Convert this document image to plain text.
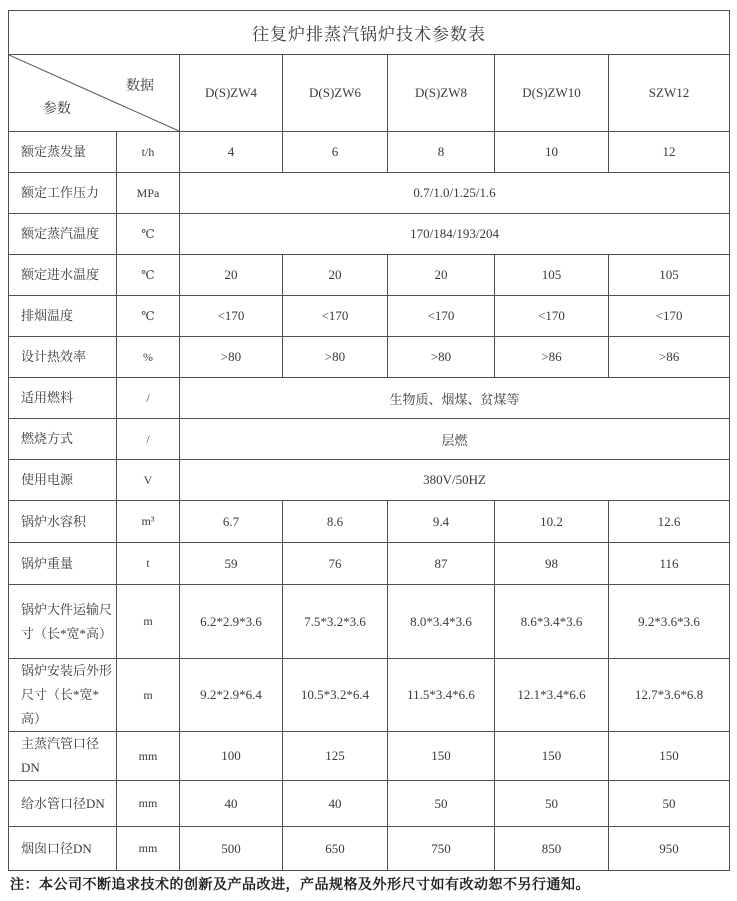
往复炉排蒸汽锅炉技术参数表						

数据
参数		D(S)ZW4	D(S)ZW6	D(S)ZW8	D(S)ZW10	SZW12
额定蒸发量	t/h	4	6	8	10	12
额定工作压力	MPa	0.7/1.0/1.25/1.6				
额定蒸汽温度	℃	170/184/193/204				
额定进水温度	℃	20	20	20	105	105
排烟温度	℃	<170	<170	<170	<170	<170
设计热效率	%	>80	>80	>80	>86	>86
适用燃料	/	生物质、烟煤、贫煤等				
燃烧方式	/	层燃				
使用电源	V	380V/50HZ				
锅炉水容积	m³	6.7	8.6	9.4	10.2	12.6
锅炉重量	t	59	76	87	98	116
锅炉大件运输尺寸（长*宽*高）	m	6.2*2.9*3.6	7.5*3.2*3.6	8.0*3.4*3.6	8.6*3.4*3.6	9.2*3.6*3.6
锅炉安装后外形尺寸（长*宽*高）	m	9.2*2.9*6.4	10.5*3.2*6.4	11.5*3.4*6.6	12.1*3.4*6.6	12.7*3.6*6.8
主蒸汽管口径DN	mm	100	125	150	150	150
给水管口径DN	mm	40	40	50	50	50
烟囱口径DN	mm	500	650	750	850	950
注：本公司不断追求技术的创新及产品改进，产品规格及外形尺寸如有改动恕不另行通知。
